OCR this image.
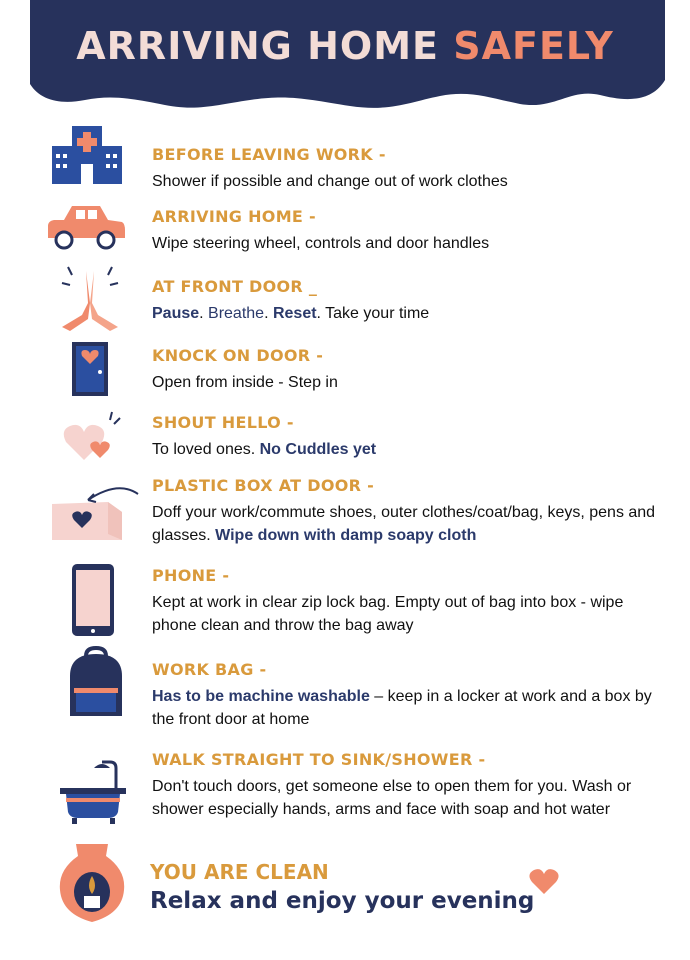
ARRIVING HOME SAFELY
BEFORE LEAVING WORK -
Shower if possible and change out of work clothes
ARRIVING HOME -
Wipe steering wheel, controls and door handles
AT FRONT DOOR _
Pause. Breathe. Reset. Take your time
KNOCK ON DOOR -
Open from inside - Step in
SHOUT HELLO -
To loved ones. No Cuddles yet
PLASTIC BOX AT DOOR -
Doff your work/commute shoes, outer clothes/coat/bag, keys, pens and glasses. Wipe down with damp soapy cloth
PHONE -
Kept at work in clear zip lock bag. Empty out of bag into box - wipe phone clean and throw the bag away
WORK BAG -
Has to be machine washable – keep in a locker at work and a box by the front door at home
WALK STRAIGHT TO SINK/SHOWER -
Don't touch doors, get someone else to open them for you. Wash or shower especially hands, arms and face with soap and hot water
YOU ARE CLEAN
Relax and enjoy your evening
